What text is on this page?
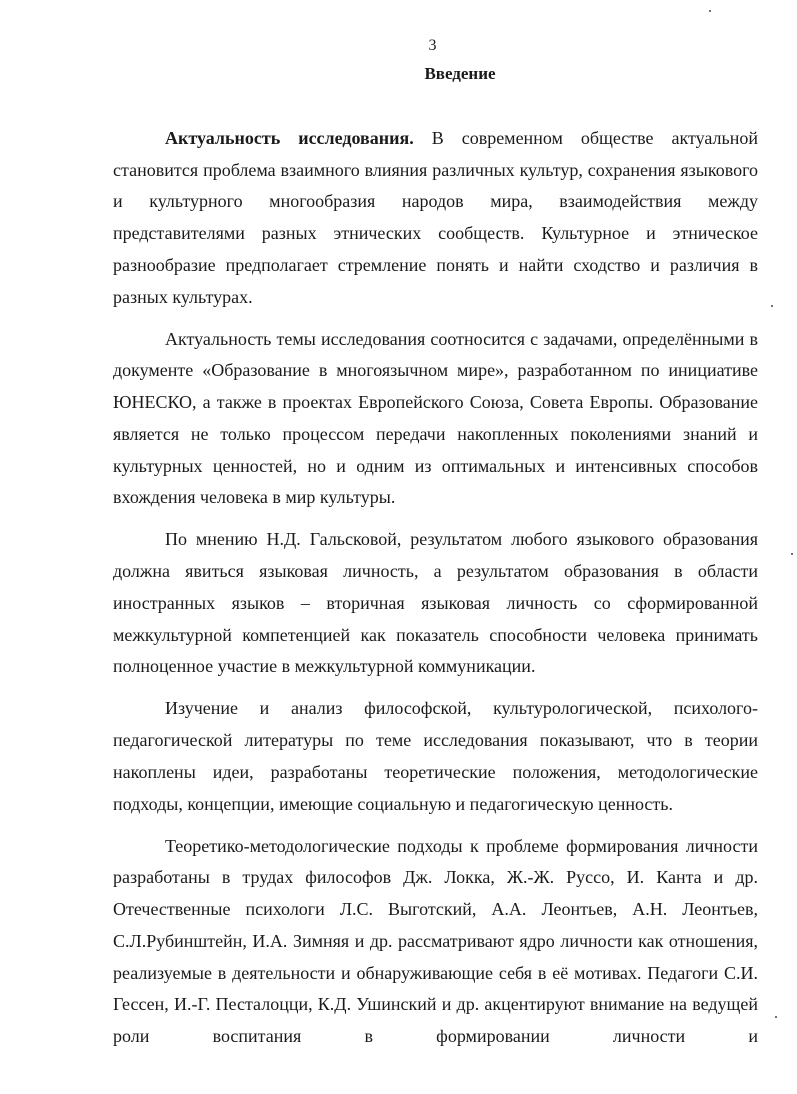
3
Введение

Актуальность исследования. В современном обществе актуальной становится проблема взаимного влияния различных культур, сохранения языкового и культурного многообразия народов мира, взаимодействия между представителями разных этнических сообществ. Культурное и этническое разнообразие предполагает стремление понять и найти сходство и различия в разных культурах.

Актуальность темы исследования соотносится с задачами, определёнными в документе «Образование в многоязычном мире», разработанном по инициативе ЮНЕСКО, а также в проектах Европейского Союза, Совета Европы. Образование является не только процессом передачи накопленных поколениями знаний и культурных ценностей, но и одним из оптимальных и интенсивных способов вхождения человека в мир культуры.

По мнению Н.Д. Гальсковой, результатом любого языкового образования должна явиться языковая личность, а результатом образования в области иностранных языков – вторичная языковая личность со сформированной межкультурной компетенцией как показатель способности человека принимать полноценное участие в межкультурной коммуникации.

Изучение и анализ философской, культурологической, психолого-педагогической литературы по теме исследования показывают, что в теории накоплены идеи, разработаны теоретические положения, методологические подходы, концепции, имеющие социальную и педагогическую ценность.

Теоретико-методологические подходы к проблеме формирования личности разработаны в трудах философов Дж. Локка, Ж.-Ж. Руссо, И. Канта и др. Отечественные психологи Л.С. Выготский, А.А. Леонтьев, А.Н. Леонтьев, С.Л.Рубинштейн, И.А. Зимняя и др. рассматривают ядро личности как отношения, реализуемые в деятельности и обнаруживающие себя в её мотивах. Педагоги С.И. Гессен, И.-Г. Песталоцци, К.Д. Ушинский и др. акцентируют внимание на ведущей роли воспитания в формировании личности и
